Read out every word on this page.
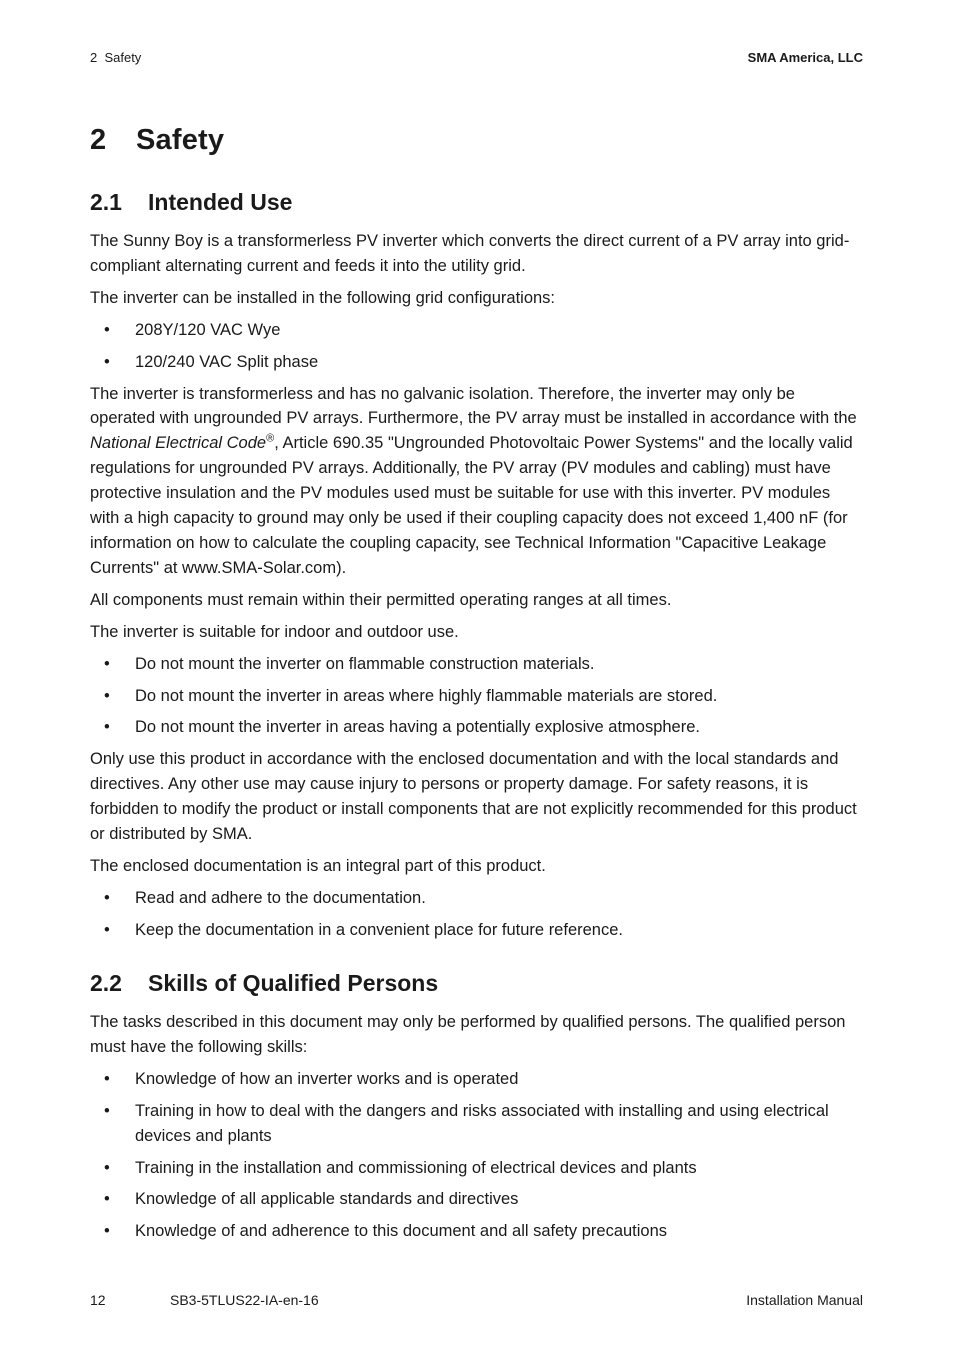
2  Safety	SMA America, LLC
2 Safety
2.1 Intended Use

The Sunny Boy is a transformerless PV inverter which converts the direct current of a PV array into grid-compliant alternating current and feeds it into the utility grid.

The inverter can be installed in the following grid configurations:

• 208Y/120 VAC Wye
• 120/240 VAC Split phase

The inverter is transformerless and has no galvanic isolation. Therefore, the inverter may only be operated with ungrounded PV arrays. Furthermore, the PV array must be installed in accordance with the National Electrical Code®, Article 690.35 "Ungrounded Photovoltaic Power Systems" and the locally valid regulations for ungrounded PV arrays. Additionally, the PV array (PV modules and cabling) must have protective insulation and the PV modules used must be suitable for use with this inverter. PV modules with a high capacity to ground may only be used if their coupling capacity does not exceed 1,400 nF (for information on how to calculate the coupling capacity, see Technical Information "Capacitive Leakage Currents" at www.SMA-Solar.com).

All components must remain within their permitted operating ranges at all times.

The inverter is suitable for indoor and outdoor use.

• Do not mount the inverter on flammable construction materials.
• Do not mount the inverter in areas where highly flammable materials are stored.
• Do not mount the inverter in areas having a potentially explosive atmosphere.

Only use this product in accordance with the enclosed documentation and with the local standards and directives. Any other use may cause injury to persons or property damage. For safety reasons, it is forbidden to modify the product or install components that are not explicitly recommended for this product or distributed by SMA.

The enclosed documentation is an integral part of this product.

• Read and adhere to the documentation.
• Keep the documentation in a convenient place for future reference.
2.2 Skills of Qualified Persons

The tasks described in this document may only be performed by qualified persons. The qualified person must have the following skills:

• Knowledge of how an inverter works and is operated
• Training in how to deal with the dangers and risks associated with installing and using electrical devices and plants
• Training in the installation and commissioning of electrical devices and plants
• Knowledge of all applicable standards and directives
• Knowledge of and adherence to this document and all safety precautions
12	SB3-5TLUS22-IA-en-16	Installation Manual
